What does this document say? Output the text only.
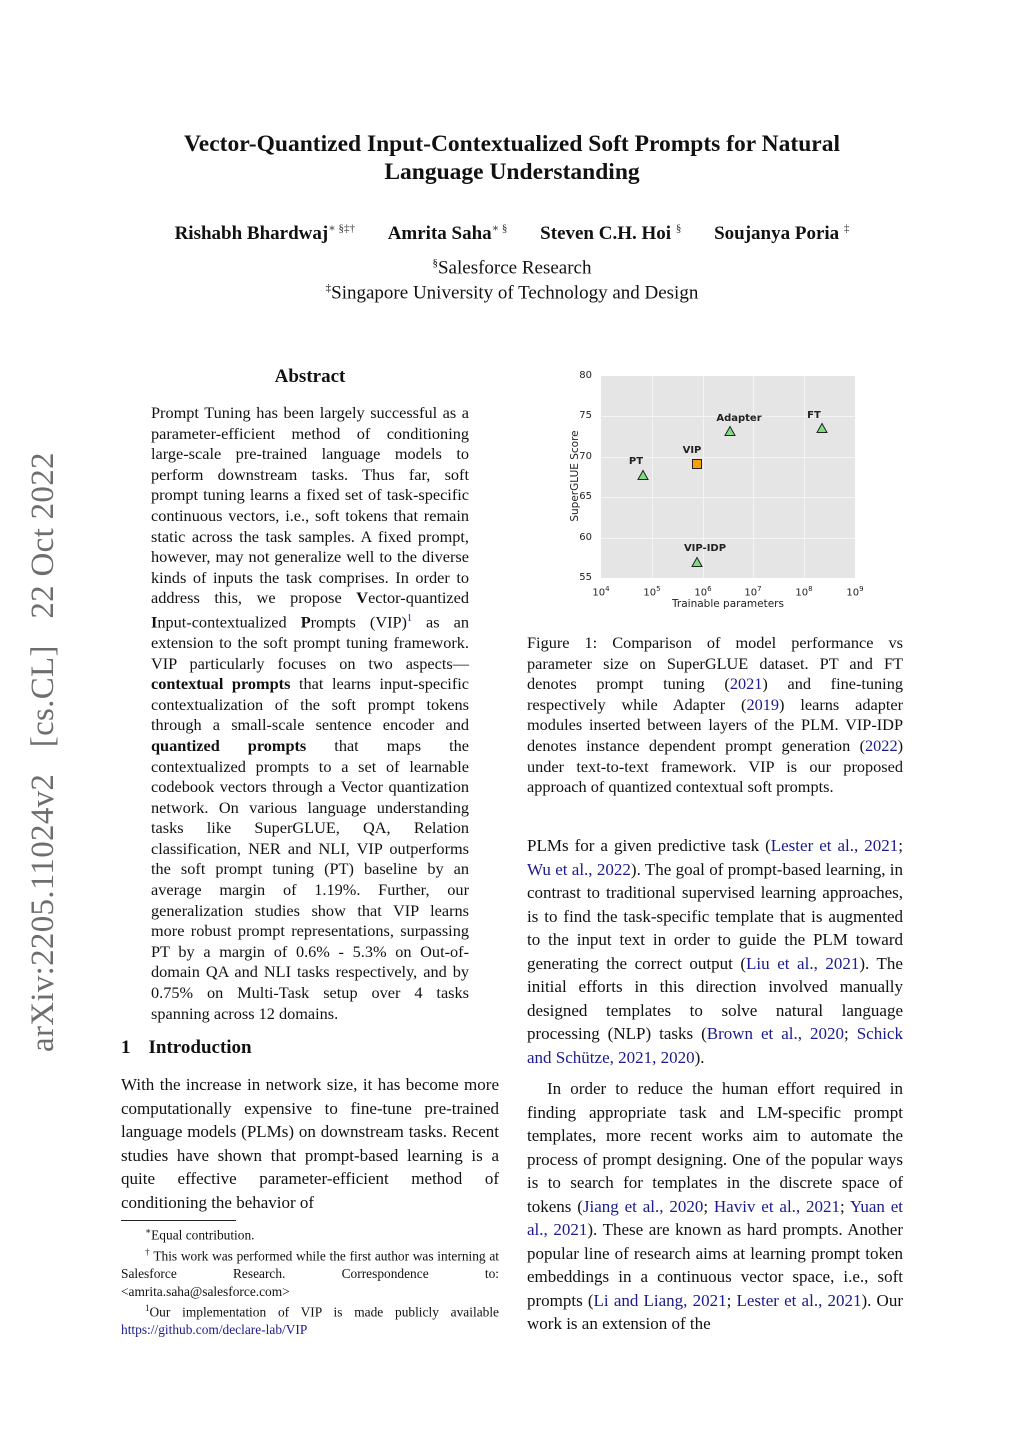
Vector-Quantized Input-Contextualized Soft Prompts for Natural
Language Understanding
Rishabh Bhardwaj∗ §‡† Amrita Saha∗ § Steven C.H. Hoi § Soujanya Poria ‡
§Salesforce Research
‡Singapore University of Technology and Design
arXiv:2205.11024v2 [cs.CL] 22 Oct 2022
Abstract

Prompt Tuning has been largely successful as a parameter-efficient method of conditioning large-scale pre-trained language models to perform downstream tasks. Thus far, soft prompt tuning learns a fixed set of task-specific continuous vectors, i.e., soft tokens that remain static across the task samples. A fixed prompt, however, may not generalize well to the diverse kinds of inputs the task comprises. In order to address this, we propose Vector-quantized Input-contextualized Prompts (VIP)$^1$ as an extension to the soft prompt tuning framework. VIP particularly focuses on two aspects—contextual prompts that learns input-specific contextualization of the soft prompt tokens through a small-scale sentence encoder and quantized prompts that maps the contextualized prompts to a set of learnable codebook vectors through a Vector quantization network. On various language understanding tasks like SuperGLUE, QA, Relation classification, NER and NLI, VIP outperforms the soft prompt tuning (PT) baseline by an average margin of 1.19%. Further, our generalization studies show that VIP learns more robust prompt representations, surpassing PT by a margin of 0.6% - 5.3% on Out-of-domain QA and NLI tasks respectively, and by 0.75% on Multi-Task setup over 4 tasks spanning across 12 domains.

1 Introduction
With the increase in network size, it has become more computationally expensive to fine-tune pre-trained language models (PLMs) on downstream tasks. Recent studies have shown that prompt-based learning is a quite effective parameter-efficient method of conditioning the behavior of

∗Equal contribution.

† This work was performed while the first author was interning at Salesforce Research. Correspondence to: <amrita.saha@salesforce.com>

$^1$Our implementation of VIP is made publicly available https://github.com/declare-lab/VIP

PT
VIP
Adapter	FT
VIP-IDP
80
75
70
65
60
55
$10^4$	$10^5$	$10^6$	$10^7$	$10^8$	$10^9$
SuperGLUE Score
Trainable parameters
Figure 1: Comparison of model performance vs parameter size on SuperGLUE dataset. PT and FT denotes prompt tuning (2021) and fine-tuning respectively while Adapter (2019) learns adapter modules inserted between layers of the PLM. VIP-IDP denotes instance dependent prompt generation (2022) under text-to-text framework. VIP is our proposed approach of quantized contextual soft prompts.

PLMs for a given predictive task (Lester et al., 2021; Wu et al., 2022). The goal of prompt-based learning, in contrast to traditional supervised learning approaches, is to find the task-specific template that is augmented to the input text in order to guide the PLM toward generating the correct output (Liu et al., 2021). The initial efforts in this direction involved manually designed templates to solve natural language processing (NLP) tasks (Brown et al., 2020; Schick and Schütze, 2021, 2020).

In order to reduce the human effort required in finding appropriate task and LM-specific prompt templates, more recent works aim to automate the process of prompt designing. One of the popular ways is to search for templates in the discrete space of tokens (Jiang et al., 2020; Haviv et al., 2021; Yuan et al., 2021). These are known as hard prompts. Another popular line of research aims at learning prompt token embeddings in a continuous vector space, i.e., soft prompts (Li and Liang, 2021; Lester et al., 2021). Our work is an extension of the
